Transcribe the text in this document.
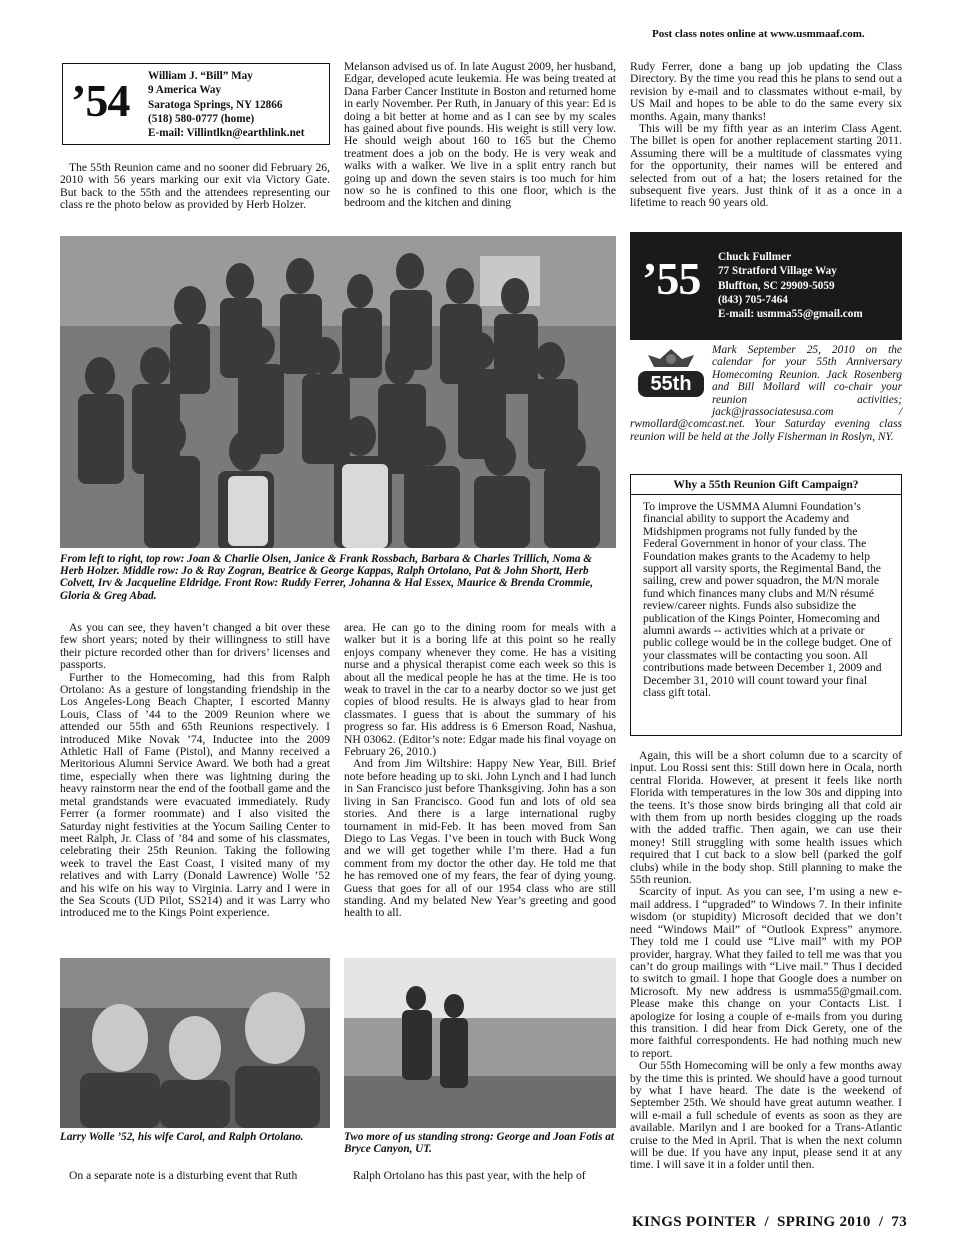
Post class notes online at www.usmmaaf.com.
’54 William J. “Bill” May
9 America Way
Saratoga Springs, NY 12866
(518) 580-0777 (home)
E-mail: Villintlkn@earthlink.net

The 55th Reunion came and no sooner did February 26, 2010 with 56 years marking our exit via Victory Gate. But back to the 55th and the attendees representing our class re the photo below as provided by Herb Holzer.

From left to right, top row: Joan & Charlie Olsen, Janice & Frank Rossbach, Barbara & Charles Trillich, Noma & Herb Holzer. Middle row: Jo & Ray Zogran, Beatrice & George Kappas, Ralph Ortolano, Pat & John Shortt, Herb Colvett, Irv & Jacqueline Eldridge. Front Row: Ruddy Ferrer, Johanna & Hal Essex, Maurice & Brenda Crommie, Gloria & Greg Abad.

As you can see, they haven’t changed a bit over these few short years; noted by their willingness to still have their picture recorded other than for drivers’ licenses and passports.

Further to the Homecoming, had this from Ralph Ortolano: As a gesture of longstanding friendship in the Los Angeles-Long Beach Chapter, I escorted Manny Louis, Class of ’44 to the 2009 Reunion where we attended our 55th and 65th Reunions respectively. I introduced Mike Novak ’74, Inductee into the 2009 Athletic Hall of Fame (Pistol), and Manny received a Meritorious Alumni Service Award. We both had a great time, especially when there was lightning during the heavy rainstorm near the end of the football game and the metal grandstands were evacuated immediately. Rudy Ferrer (a former roommate) and I also visited the Saturday night festivities at the Yocum Sailing Center to meet Ralph, Jr. Class of ’84 and some of his classmates, celebrating their 25th Reunion. Taking the following week to travel the East Coast, I visited many of my relatives and with Larry (Donald Lawrence) Wolle ’52 and his wife on his way to Virginia. Larry and I were in the Sea Scouts (UD Pilot, SS214) and it was Larry who introduced me to the Kings Point experience.

Larry Wolle ’52, his wife Carol, and Ralph Ortolano.

On a separate note is a disturbing event that Ruth

Melanson advised us of. In late August 2009, her husband, Edgar, developed acute leukemia. He was being treated at Dana Farber Cancer Institute in Boston and returned home in early November. Per Ruth, in January of this year: Ed is doing a bit better at home and as I can see by my scales has gained about five pounds. His weight is still very low. He should weigh about 160 to 165 but the Chemo treatment does a job on the body. He is very weak and walks with a walker. We live in a split entry ranch but going up and down the seven stairs is too much for him now so he is confined to this one floor, which is the bedroom and the kitchen and dining

area. He can go to the dining room for meals with a walker but it is a boring life at this point so he really enjoys company whenever they come. He has a visiting nurse and a physical therapist come each week so this is about all the medical people he has at the time. He is too weak to travel in the car to a nearby doctor so we just get copies of blood results. He is always glad to hear from classmates. I guess that is about the summary of his progress so far. His address is 6 Emerson Road, Nashua, NH 03062. (Editor’s note: Edgar made his final voyage on February 26, 2010.)

And from Jim Wiltshire: Happy New Year, Bill. Brief note before heading up to ski. John Lynch and I had lunch in San Francisco just before Thanksgiving. John has a son living in San Francisco. Good fun and lots of old sea stories. And there is a large international rugby tournament in mid-Feb. It has been moved from San Diego to Las Vegas. I’ve been in touch with Buck Wong and we will get together while I’m there. Had a fun comment from my doctor the other day. He told me that he has removed one of my fears, the fear of dying young. Guess that goes for all of our 1954 class who are still standing. And my belated New Year’s greeting and good health to all.

Two more of us standing strong: George and Joan Fotis at Bryce Canyon, UT.

Ralph Ortolano has this past year, with the help of

Rudy Ferrer, done a bang up job updating the Class Directory. By the time you read this he plans to send out a revision by e-mail and to classmates without e-mail, by US Mail and hopes to be able to do the same every six months. Again, many thanks!

This will be my fifth year as an interim Class Agent. The billet is open for another replacement starting 2011. Assuming there will be a multitude of classmates vying for the opportunity, their names will be entered and selected from out of a hat; the losers retained for the subsequent five years. Just think of it as a once in a lifetime to reach 90 years old.

’55 Chuck Fullmer
77 Stratford Village Way
Bluffton, SC 29909-5059
(843) 705-7464
E-mail: usmma55@gmail.com
55th
Mark September 25, 2010 on the calendar for your 55th Anniversary Homecoming Reunion. Jack Rosenberg and Bill Mollard will co-chair your reunion activities; jack@jrassociatesusa.com / rwmollard@comcast.net. Your Saturday evening class reunion will be held at the Jolly Fisherman in Roslyn, NY.
Why a 55th Reunion Gift Campaign?
To improve the USMMA Alumni Foundation’s financial ability to support the Academy and Midshipmen programs not fully funded by the Federal Government in honor of your class. The Foundation makes grants to the Academy to help support all varsity sports, the Regimental Band, the sailing, crew and power squadron, the M/N morale fund which finances many clubs and M/N résumé review/career nights. Funds also subsidize the publication of the Kings Pointer, Homecoming and alumni awards -- activities which at a private or public college would be in the college budget. One of your classmates will be contacting you soon. All contributions made between December 1, 2009 and December 31, 2010 will count toward your final class gift total.

Again, this will be a short column due to a scarcity of input. Lou Rossi sent this: Still down here in Ocala, north central Florida. However, at present it feels like north Florida with temperatures in the low 30s and dipping into the teens. It’s those snow birds bringing all that cold air with them from up north besides clogging up the roads with the added traffic. Then again, we can use their money! Still struggling with some health issues which required that I cut back to a slow bell (parked the golf clubs) while in the body shop. Still planning to make the 55th reunion.

Scarcity of input. As you can see, I’m using a new e-mail address. I “upgraded” to Windows 7. In their infinite wisdom (or stupidity) Microsoft decided that we don’t need “Windows Mail” of “Outlook Express” anymore. They told me I could use “Live mail” with my POP provider, hargray. What they failed to tell me was that you can’t do group mailings with “Live mail.” Thus I decided to switch to gmail. I hope that Google does a number on Microsoft. My new address is usmma55@gmail.com. Please make this change on your Contacts List. I apologize for losing a couple of e-mails from you during this transition. I did hear from Dick Gerety, one of the more faithful correspondents. He had nothing much new to report.

Our 55th Homecoming will be only a few months away by the time this is printed. We should have a good turnout by what I have heard. The date is the weekend of September 25th. We should have great autumn weather. I will e-mail a full schedule of events as soon as they are available. Marilyn and I are booked for a Trans-Atlantic cruise to the Med in April. That is when the next column will be due. If you have any input, please send it at any time. I will save it in a folder until then.

KINGS POINTER  /  SPRING 2010  /  73
